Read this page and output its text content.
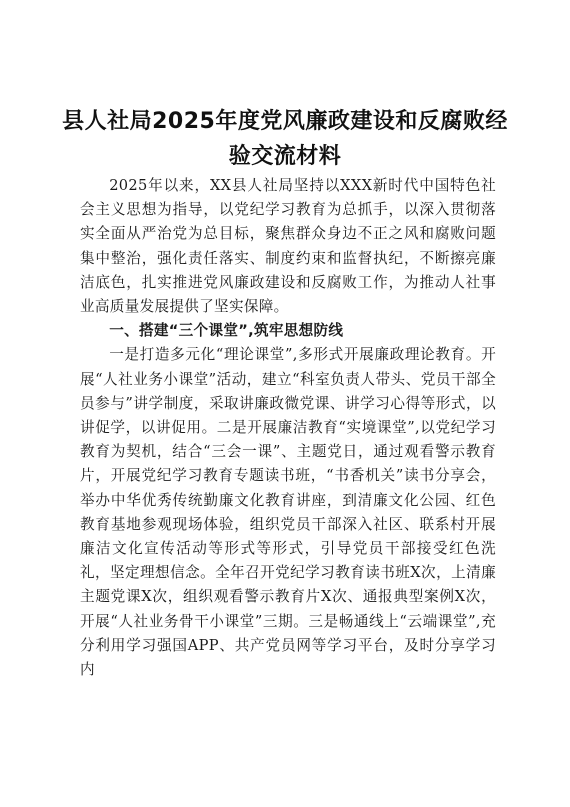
县人社局2025年度党风廉政建设和反腐败经验交流材料

2025年以来，XX县人社局坚持以XXX新时代中国特色社会主义思想为指导，以党纪学习教育为总抓手，以深入贯彻落实全面从严治党为总目标，聚焦群众身边不正之风和腐败问题集中整治，强化责任落实、制度约束和监督执纪，不断擦亮廉洁底色，扎实推进党风廉政建设和反腐败工作，为推动人社事业高质量发展提供了坚实保障。

一、搭建“三个课堂”,筑牢思想防线

一是打造多元化“理论课堂”,多形式开展廉政理论教育。开展“人社业务小课堂”活动，建立“科室负责人带头、党员干部全员参与”讲学制度，采取讲廉政微党课、讲学习心得等形式，以讲促学，以讲促用。二是开展廉洁教育“实境课堂”,以党纪学习教育为契机，结合“三会一课”、主题党日，通过观看警示教育片，开展党纪学习教育专题读书班，“书香机关”读书分享会，举办中华优秀传统勤廉文化教育讲座，到清廉文化公园、红色教育基地参观现场体验，组织党员干部深入社区、联系村开展廉洁文化宣传活动等形式等形式，引导党员干部接受红色洗礼，坚定理想信念。全年召开党纪学习教育读书班X次，上清廉主题党课X次，组织观看警示教育片X次、通报典型案例X次，开展“人社业务骨干小课堂”三期。三是畅通线上“云端课堂”,充分利用学习强国APP、共产党员网等学习平台，及时分享学习内
